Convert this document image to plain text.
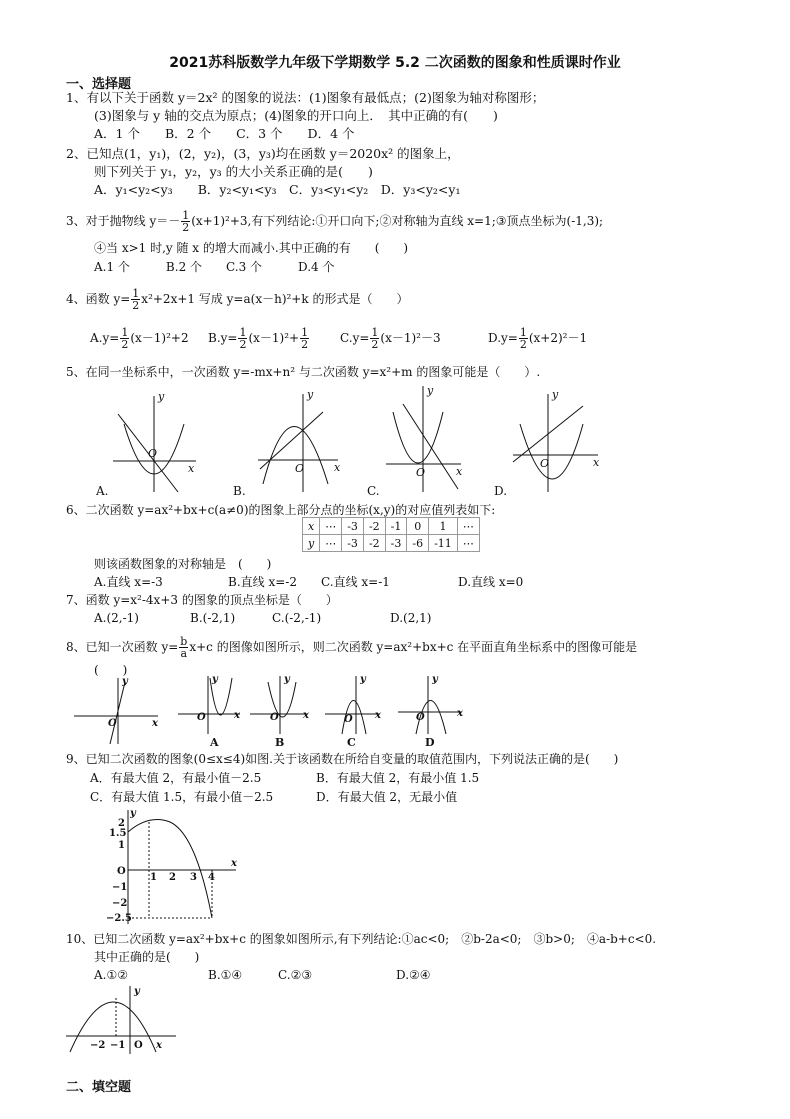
2021苏科版数学九年级下学期数学 5.2 二次函数的图象和性质课时作业
一、选择题
1、有以下关于函数 y＝2x² 的图象的说法：(1)图象有最低点；(2)图象为轴对称图形；
(3)图象与 y 轴的交点为原点；(4)图象的开口向上．　其中正确的有(　　)
A．1 个　　B．2 个　　C．3 个　　D．4 个
2、已知点(1，y₁)，(2，y₂)，(3，y₃)均在函数 y＝2020x² 的图象上，
则下列关于 y₁，y₂，y₃ 的大小关系正确的是(　　)
A．y₁<y₂<y₃　　B．y₂<y₁<y₃　C．y₃<y₁<y₂　D．y₃<y₂<y₁
3、对于抛物线 $y=- \frac{1}{2} (x+1)^2+3$,有下列结论:①开口向下;②对称轴为直线 x=1;③顶点坐标为(-1,3);
④当 x>1 时,y 随 x 的增大而减小.其中正确的有　　(　　)
A.1 个　　　B.2 个　　C.3 个　　　D.4 个
4、函数 $y= \frac{1}{2} x^2+2x+1$ 写成 y=a(x－h)²+k 的形式是（　　）
$A.y= \frac{1}{2} (x-1)^2+2$ $B.y= \frac{1}{2} (x-1)^2+ \frac{1}{2}$	$C.y= \frac{1}{2} (x-1)^2-3$	$D.y= \frac{1}{2} (x+2)^2-1$
5、在同一坐标系中，一次函数 y=-mx+n² 与二次函数 y=x²+m 的图象可能是（　　）.
y
x
O
y
x
O
y
x
O
y
x
O
A.	B.	C.	D.
6、二次函数 y=ax²+bx+c(a≠0)的图象上部分点的坐标(x,y)的对应值列表如下:
x	⋯	-3	-2	-1	0	1	⋯
y	⋯	-3	-2	-3	-6	-11	⋯
则该函数图象的对称轴是　(　　)
A.直线 x=-3	B.直线 x=-2 C.直线 x=-1	D.直线 x=0
7、函数 y=x²-4x+3 的图象的顶点坐标是（　　）
A.(2,-1)	B.(-2,1)	C.(-2,-1)	D.(2,1)
8、已知一次函数 $y= \frac{b}{a} x+c$ 的图像如图所示，则二次函数 y=ax²+bx+c 在平面直角坐标系中的图像可能是
(　　)
y
x
O
y
x
O
y
x
O
y
x
O
y
x
O
A	B	C	D
9、已知二次函数的图象(0≤x≤4)如图.关于该函数在所给自变量的取值范围内，下列说法正确的是(　　)
A．有最大值 2，有最小值－2.5	B．有最大值 2，有最小值 1.5
C．有最大值 1.5，有最小值－2.5	D．有最大值 2，无最小值
2
1.5
1
O
−1
−2
−2.5
1 2 3 4
y
x
10、已知二次函数 y=ax²+bx+c 的图象如图所示,有下列结论:①ac<0;　②b-2a<0;　③b>0;　④a-b+c<0.
其中正确的是(　　)
A.①②	B.①④	C.②③	D.②④
−2 −1 O x
y
二、填空题
